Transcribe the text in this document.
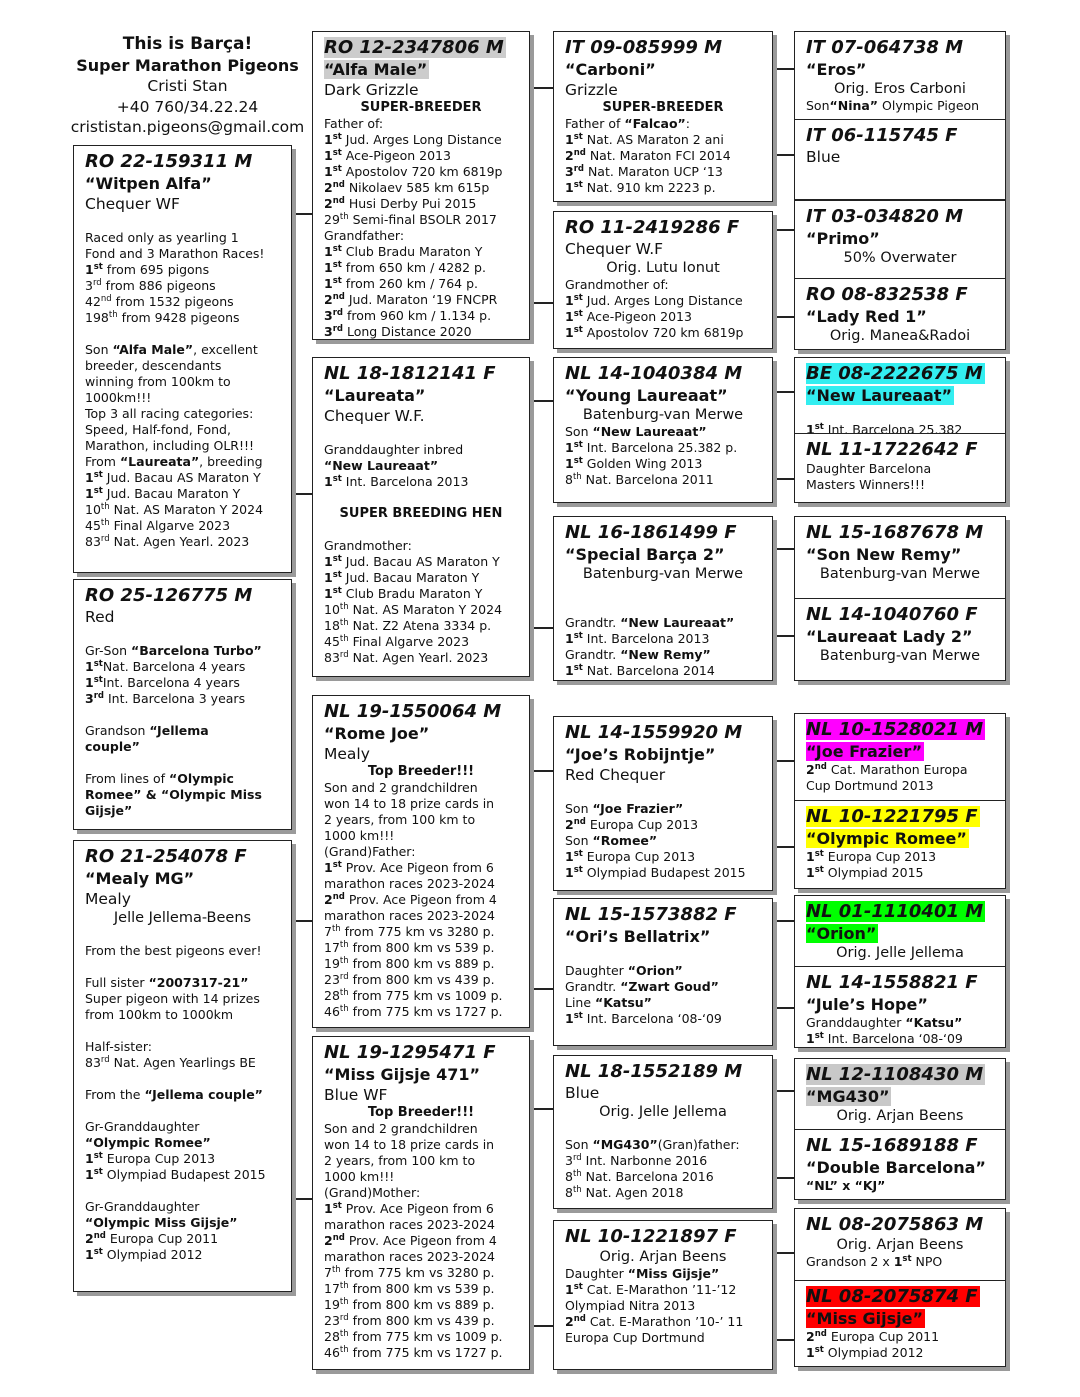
This is Barça!
Super Marathon Pigeons
Cristi Stan
+40 760/34.22.24
crististan.pigeons@gmail.com
RO 22-159311 M
“Witpen Alfa”
Chequer WF
Raced only as yearling 1
Fond and 3 Marathon Races!
1st from 695 pigons
3rd from 886 pigeons
42nd from 1532 pigeons
198th from 9428 pigeons
Son “Alfa Male”, excellent
breeder, descendants
winning from 100km to
1000km!!!
Top 3 all racing categories:
Speed, Half-fond, Fond,
Marathon, including OLR!!!
From “Laureata”, breeding
1st Jud. Bacau AS Maraton Y
1st Jud. Bacau Maraton Y
10th Nat. AS Maraton Y 2024
45th Final Algarve 2023
83rd Nat. Agen Yearl. 2023
RO 25-126775 M
Red
Gr-Son “Barcelona Turbo”
1stNat. Barcelona 4 years
1stInt. Barcelona 4 years
3rd Int. Barcelona 3 years
Grandson “Jellema
couple”
From lines of “Olympic
Romee” & “Olympic Miss
Gijsje”
RO 21-254078 F
“Mealy MG”
Mealy
Jelle Jellema-Beens
From the best pigeons ever!
Full sister “2007317-21”
Super pigeon with 14 prizes
from 100km to 1000km
Half-sister:
83rd Nat. Agen Yearlings BE
From the “Jellema couple”
Gr-Granddaughter
“Olympic Romee”
1st Europa Cup 2013
1st Olympiad Budapest 2015
Gr-Granddaughter
“Olympic Miss Gijsje”
2nd Europa Cup 2011
1st Olympiad 2012
RO 12-2347806 M
“Alfa Male”
Dark Grizzle
SUPER-BREEDER
Father of:
1st Jud. Arges Long Distance
1st Ace-Pigeon 2013
1st Apostolov 720 km 6819p
2nd Nikolaev 585 km 615p
2nd Husi Derby Pui 2015
29th Semi-final BSOLR 2017
Grandfather:
1st Club Bradu Maraton Y
1st from 650 km / 4282 p.
1st from 260 km / 764 p.
2nd Jud. Maraton ‘19 FNCPR
3rd from 960 km / 1.134 p.
3rd Long Distance 2020
NL 18-1812141 F
“Laureata”
Chequer W.F.
Granddaughter inbred
“New Laureaat”
1st Int. Barcelona 2013
SUPER BREEDING HEN
Grandmother:
1st Jud. Bacau AS Maraton Y
1st Jud. Bacau Maraton Y
1st Club Bradu Maraton Y
10th Nat. AS Maraton Y 2024
18th Nat. Z2 Atena 3334 p.
45th Final Algarve 2023
83rd Nat. Agen Yearl. 2023
NL 19-1550064 M
“Rome Joe”
Mealy
Top Breeder!!!
Son and 2 grandchildren
won 14 to 18 prize cards in
2 years, from 100 km to
1000 km!!!
(Grand)Father:
1st Prov. Ace Pigeon from 6
marathon races 2023-2024
2nd Prov. Ace Pigeon from 4
marathon races 2023-2024
7th from 775 km vs 3280 p.
17th from 800 km vs 539 p.
19th from 800 km vs 889 p.
23rd from 800 km vs 439 p.
28th from 775 km vs 1009 p.
46th from 775 km vs 1727 p.
NL 19-1295471 F
“Miss Gijsje 471”
Blue WF
Top Breeder!!!
Son and 2 grandchildren
won 14 to 18 prize cards in
2 years, from 100 km to
1000 km!!!
(Grand)Mother:
1st Prov. Ace Pigeon from 6
marathon races 2023-2024
2nd Prov. Ace Pigeon from 4
marathon races 2023-2024
7th from 775 km vs 3280 p.
17th from 800 km vs 539 p.
19th from 800 km vs 889 p.
23rd from 800 km vs 439 p.
28th from 775 km vs 1009 p.
46th from 775 km vs 1727 p.
IT 09-085999 M
“Carboni”
Grizzle
SUPER-BREEDER
Father of “Falcao”:
1st Nat. AS Maraton 2 ani
2nd Nat. Maraton FCI 2014
3rd Nat. Maraton UCP ‘13
1st Nat. 910 km 2223 p.
RO 11-2419286 F
Chequer W.F
Orig. Lutu Ionut
Grandmother of:
1st Jud. Arges Long Distance
1st Ace-Pigeon 2013
1st Apostolov 720 km 6819p
NL 14-1040384 M
“Young Laureaat”
Batenburg-van Merwe
Son “New Laureaat”
1st Int. Barcelona 25.382 p.
1st Golden Wing 2013
8th Nat. Barcelona 2011
NL 16-1861499 F
“Special Barça 2”
Batenburg-van Merwe
Grandtr. “New Laureaat”
1st Int. Barcelona 2013
Grandtr. “New Remy”
1st Nat. Barcelona 2014
NL 14-1559920 M
“Joe’s Robijntje”
Red Chequer
Son “Joe Frazier”
2nd Europa Cup 2013
Son “Romee”
1st Europa Cup 2013
1st Olympiad Budapest 2015
NL 15-1573882 F
“Ori’s Bellatrix”
Daughter “Orion”
Grandtr. “Zwart Goud”
Line “Katsu”
1st Int. Barcelona ‘08-‘09
NL 18-1552189 M
Blue
Orig. Jelle Jellema
Son “MG430”(Gran)father:
3rd Int. Narbonne 2016
8th Nat. Barcelona 2016
8th Nat. Agen 2018
NL 10-1221897 F
Orig. Arjan Beens
Daughter “Miss Gijsje”
1st Cat. E-Marathon ’11-’12
Olympiad Nitra 2013
2nd Cat. E-Marathon ’10-’ 11
Europa Cup Dortmund
IT 07-064738 M
“Eros”
Orig. Eros Carboni
Son“Nina” Olympic Pigeon
IT 06-115745 F
Blue
IT 03-034820 M
“Primo”
50% Overwater
RO 08-832538 F
“Lady Red 1”
Orig. Manea&Radoi
BE 08-2222675 M
“New Laureaat”
1st Int. Barcelona 25.382
NL 11-1722642 F
Daughter Barcelona
Masters Winners!!!
NL 15-1687678 M
“Son New Remy”
Batenburg-van Merwe
NL 14-1040760 F
“Laureaat Lady 2”
Batenburg-van Merwe
NL 10-1528021 M
“Joe Frazier”
2nd Cat. Marathon Europa
Cup Dortmund 2013
NL 10-1221795 F
“Olympic Romee”
1st Europa Cup 2013
1st Olympiad 2015
NL 01-1110401 M
“Orion”
Orig. Jelle Jellema
NL 14-1558821 F
“Jule’s Hope”
Granddaughter “Katsu”
1st Int. Barcelona ‘08-‘09
NL 12-1108430 M
“MG430”
Orig. Arjan Beens
NL 15-1689188 F
“Double Barcelona”
“NL” x “KJ”
NL 08-2075863 M
Orig. Arjan Beens
Grandson 2 x 1st NPO
NL 08-2075874 F
“Miss Gijsje”
2nd Europa Cup 2011
1st Olympiad 2012
